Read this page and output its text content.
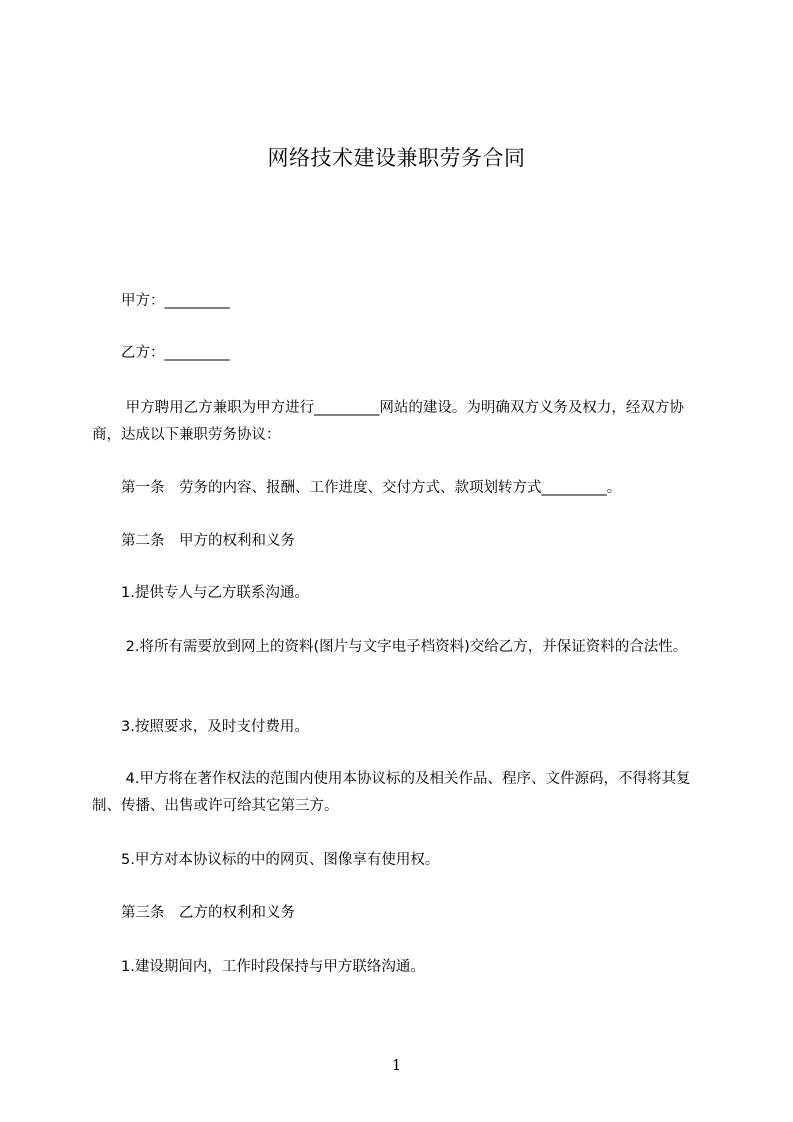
网络技术建设兼职劳务合同
　　甲方：_________
　　乙方：_________
　　 甲方聘用乙方兼职为甲方进行_________网站的建设。为明确双方义务及权力，经双方协商，达成以下兼职劳务协议：
　　第一条　劳务的内容、报酬、工作进度、交付方式、款项划转方式_________。
　　第二条　甲方的权利和义务
　　1.提供专人与乙方联系沟通。
　　 2.将所有需要放到网上的资料(图片与文字电子档资料)交给乙方，并保证资料的合法性。
　　3.按照要求，及时支付费用。
　　 4.甲方将在著作权法的范围内使用本协议标的及相关作品、程序、文件源码，不得将其复制、传播、出售或许可给其它第三方。
　　5.甲方对本协议标的中的网页、图像享有使用权。
　　第三条　乙方的权利和义务
　　1.建设期间内，工作时段保持与甲方联络沟通。
1
